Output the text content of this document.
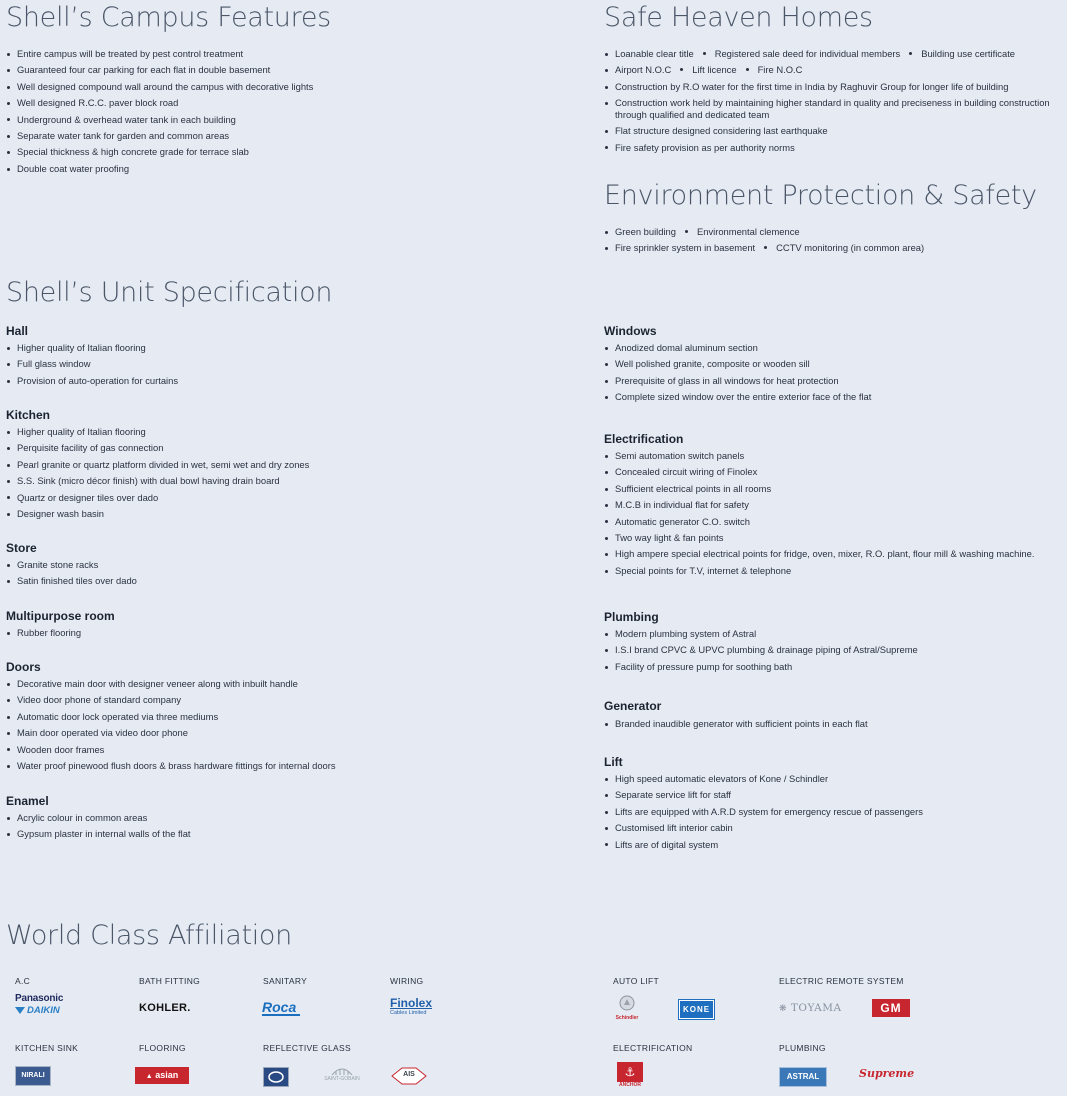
Shell’s Campus Features
Entire campus will be treated by pest control treatment
Guaranteed four car parking for each flat in double basement
Well designed compound wall around the campus with decorative lights
Well designed R.C.C. paver block road
Underground & overhead water tank in each building
Separate water tank for garden and common areas
Special thickness & high concrete grade for terrace slab
Double coat water proofing
Safe Heaven Homes
Loanable clear title Registered sale deed for individual members Building use certificate
Airport N.O.C Lift licence Fire N.O.C
Construction by R.O water for the first time in India by Raghuvir Group for longer life of building
Construction work held by maintaining higher standard in quality and preciseness in building construction through qualified and dedicated team
Flat structure designed considering last earthquake
Fire safety provision as per authority norms
Environment Protection & Safety
Green building Environmental clemence
Fire sprinkler system in basement CCTV monitoring (in common area)
Shell’s Unit Specification
Hall
Higher quality of Italian flooring
Full glass window
Provision of auto-operation for curtains
Kitchen
Higher quality of Italian flooring
Perquisite facility of gas connection
Pearl granite or quartz platform divided in wet, semi wet and dry zones
S.S. Sink (micro décor finish) with dual bowl having drain board
Quartz or designer tiles over dado
Designer wash basin
Store
Granite stone racks
Satin finished tiles over dado
Multipurpose room
Rubber flooring
Doors
Decorative main door with designer veneer along with inbuilt handle
Video door phone of standard company
Automatic door lock operated via three mediums
Main door operated via video door phone
Wooden door frames
Water proof pinewood flush doors & brass hardware fittings for internal doors
Enamel
Acrylic colour in common areas
Gypsum plaster in internal walls of the flat
Windows
Anodized domal aluminum section
Well polished granite, composite or wooden sill
Prerequisite of glass in all windows for heat protection
Complete sized window over the entire exterior face of the flat
Electrification
Semi automation switch panels
Concealed circuit wiring of Finolex
Sufficient electrical points in all rooms
M.C.B in individual flat for safety
Automatic generator C.O. switch
Two way light & fan points
High ampere special electrical points for fridge, oven, mixer, R.O. plant, flour mill & washing machine.
Special points for T.V, internet & telephone
Plumbing
Modern plumbing system of Astral
I.S.I brand CPVC & UPVC plumbing & drainage piping of Astral/Supreme
Facility of pressure pump for soothing bath
Generator
Branded inaudible generator with sufficient points in each flat
Lift
High speed automatic elevators of Kone / Schindler
Separate service lift for staff
Lifts are equipped with A.R.D system for emergency rescue of passengers
Customised lift interior cabin
Lifts are of digital system
World Class Affiliation
A.C	BATH FITTING	SANITARY	WIRING	AUTO LIFT	ELECTRIC REMOTE SYSTEM
Panasonic
DAIKIN	KOHLER.	Roca	Finolex
Cables Limited
Schindler
KONE	❋ TOYAMA	GM
KITCHEN SINK	FLOORING	REFLECTIVE GLASS	ELECTRIFICATION	PLUMBING
NIRALI	▲ asian	SAINT-GOBAIN
AIS	⚓
ANCHOR
ASTRAL	Supreme
